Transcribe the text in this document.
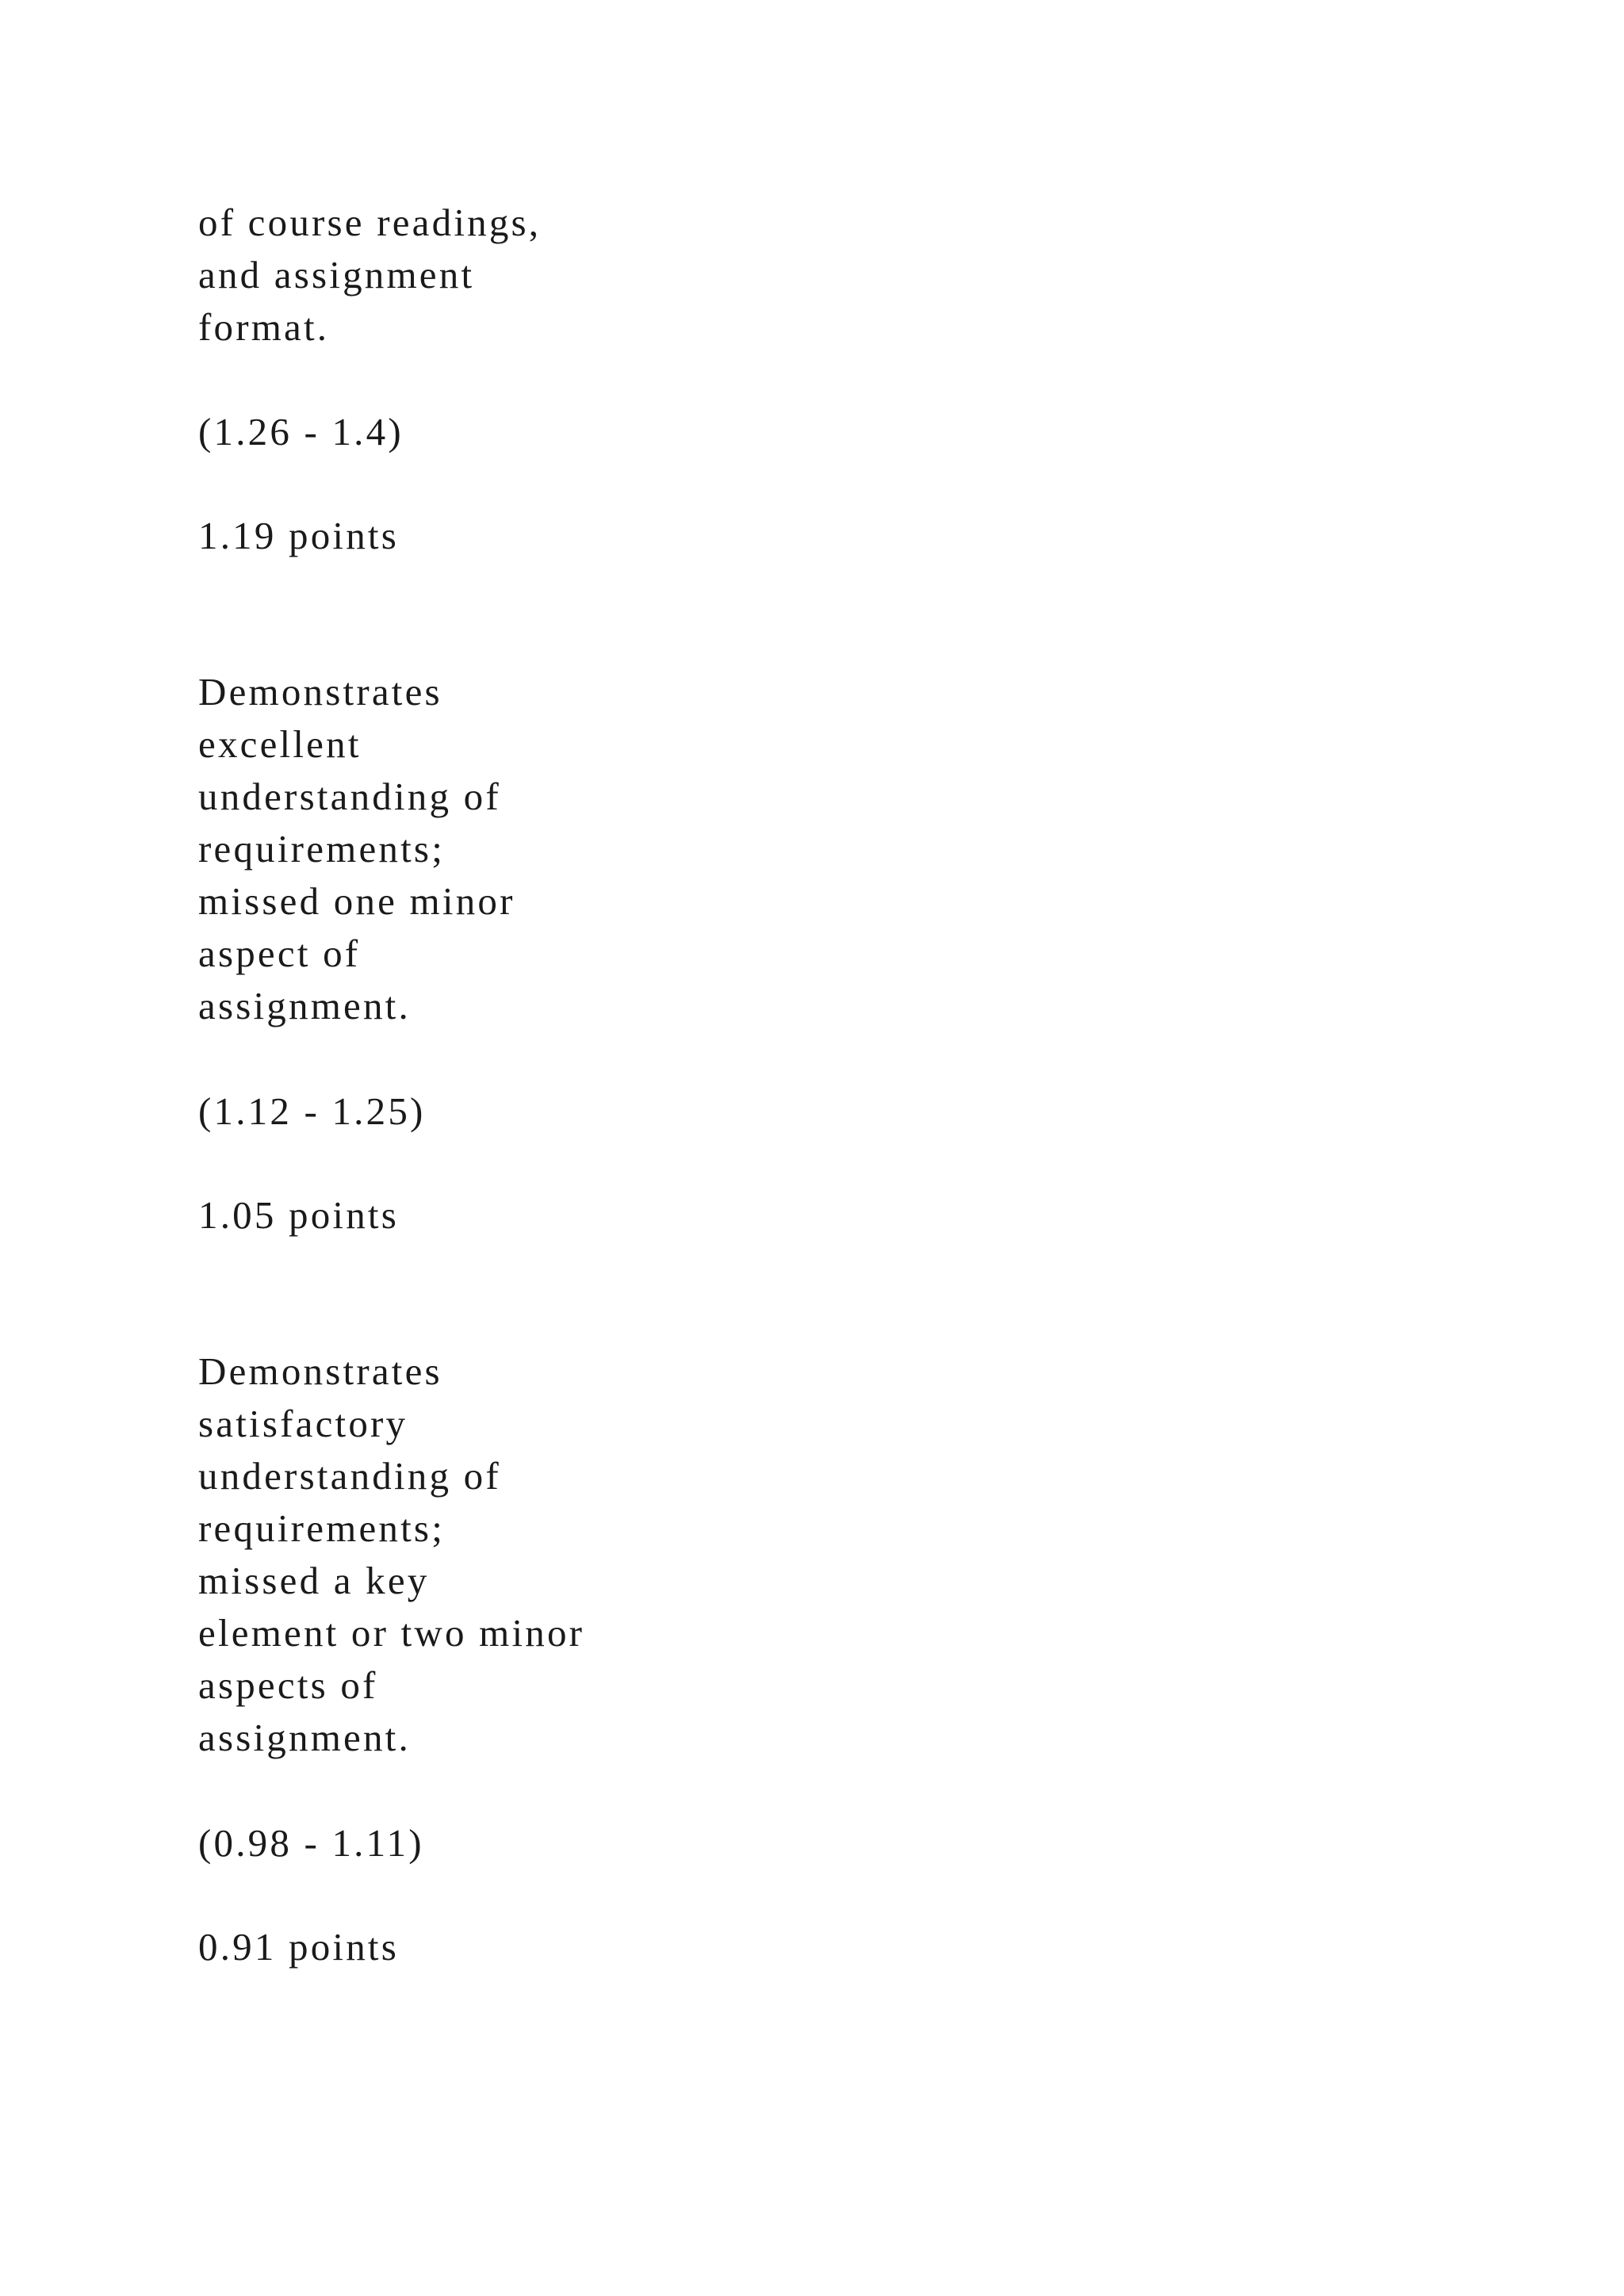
of course readings,
and assignment
format.
(1.26 - 1.4)
1.19 points
Demonstrates
excellent
understanding of
requirements;
missed one minor
aspect of
assignment.
(1.12 - 1.25)
1.05 points
Demonstrates
satisfactory
understanding of
requirements;
missed a key
element or two minor
aspects of
assignment.
(0.98 - 1.11)
0.91 points
